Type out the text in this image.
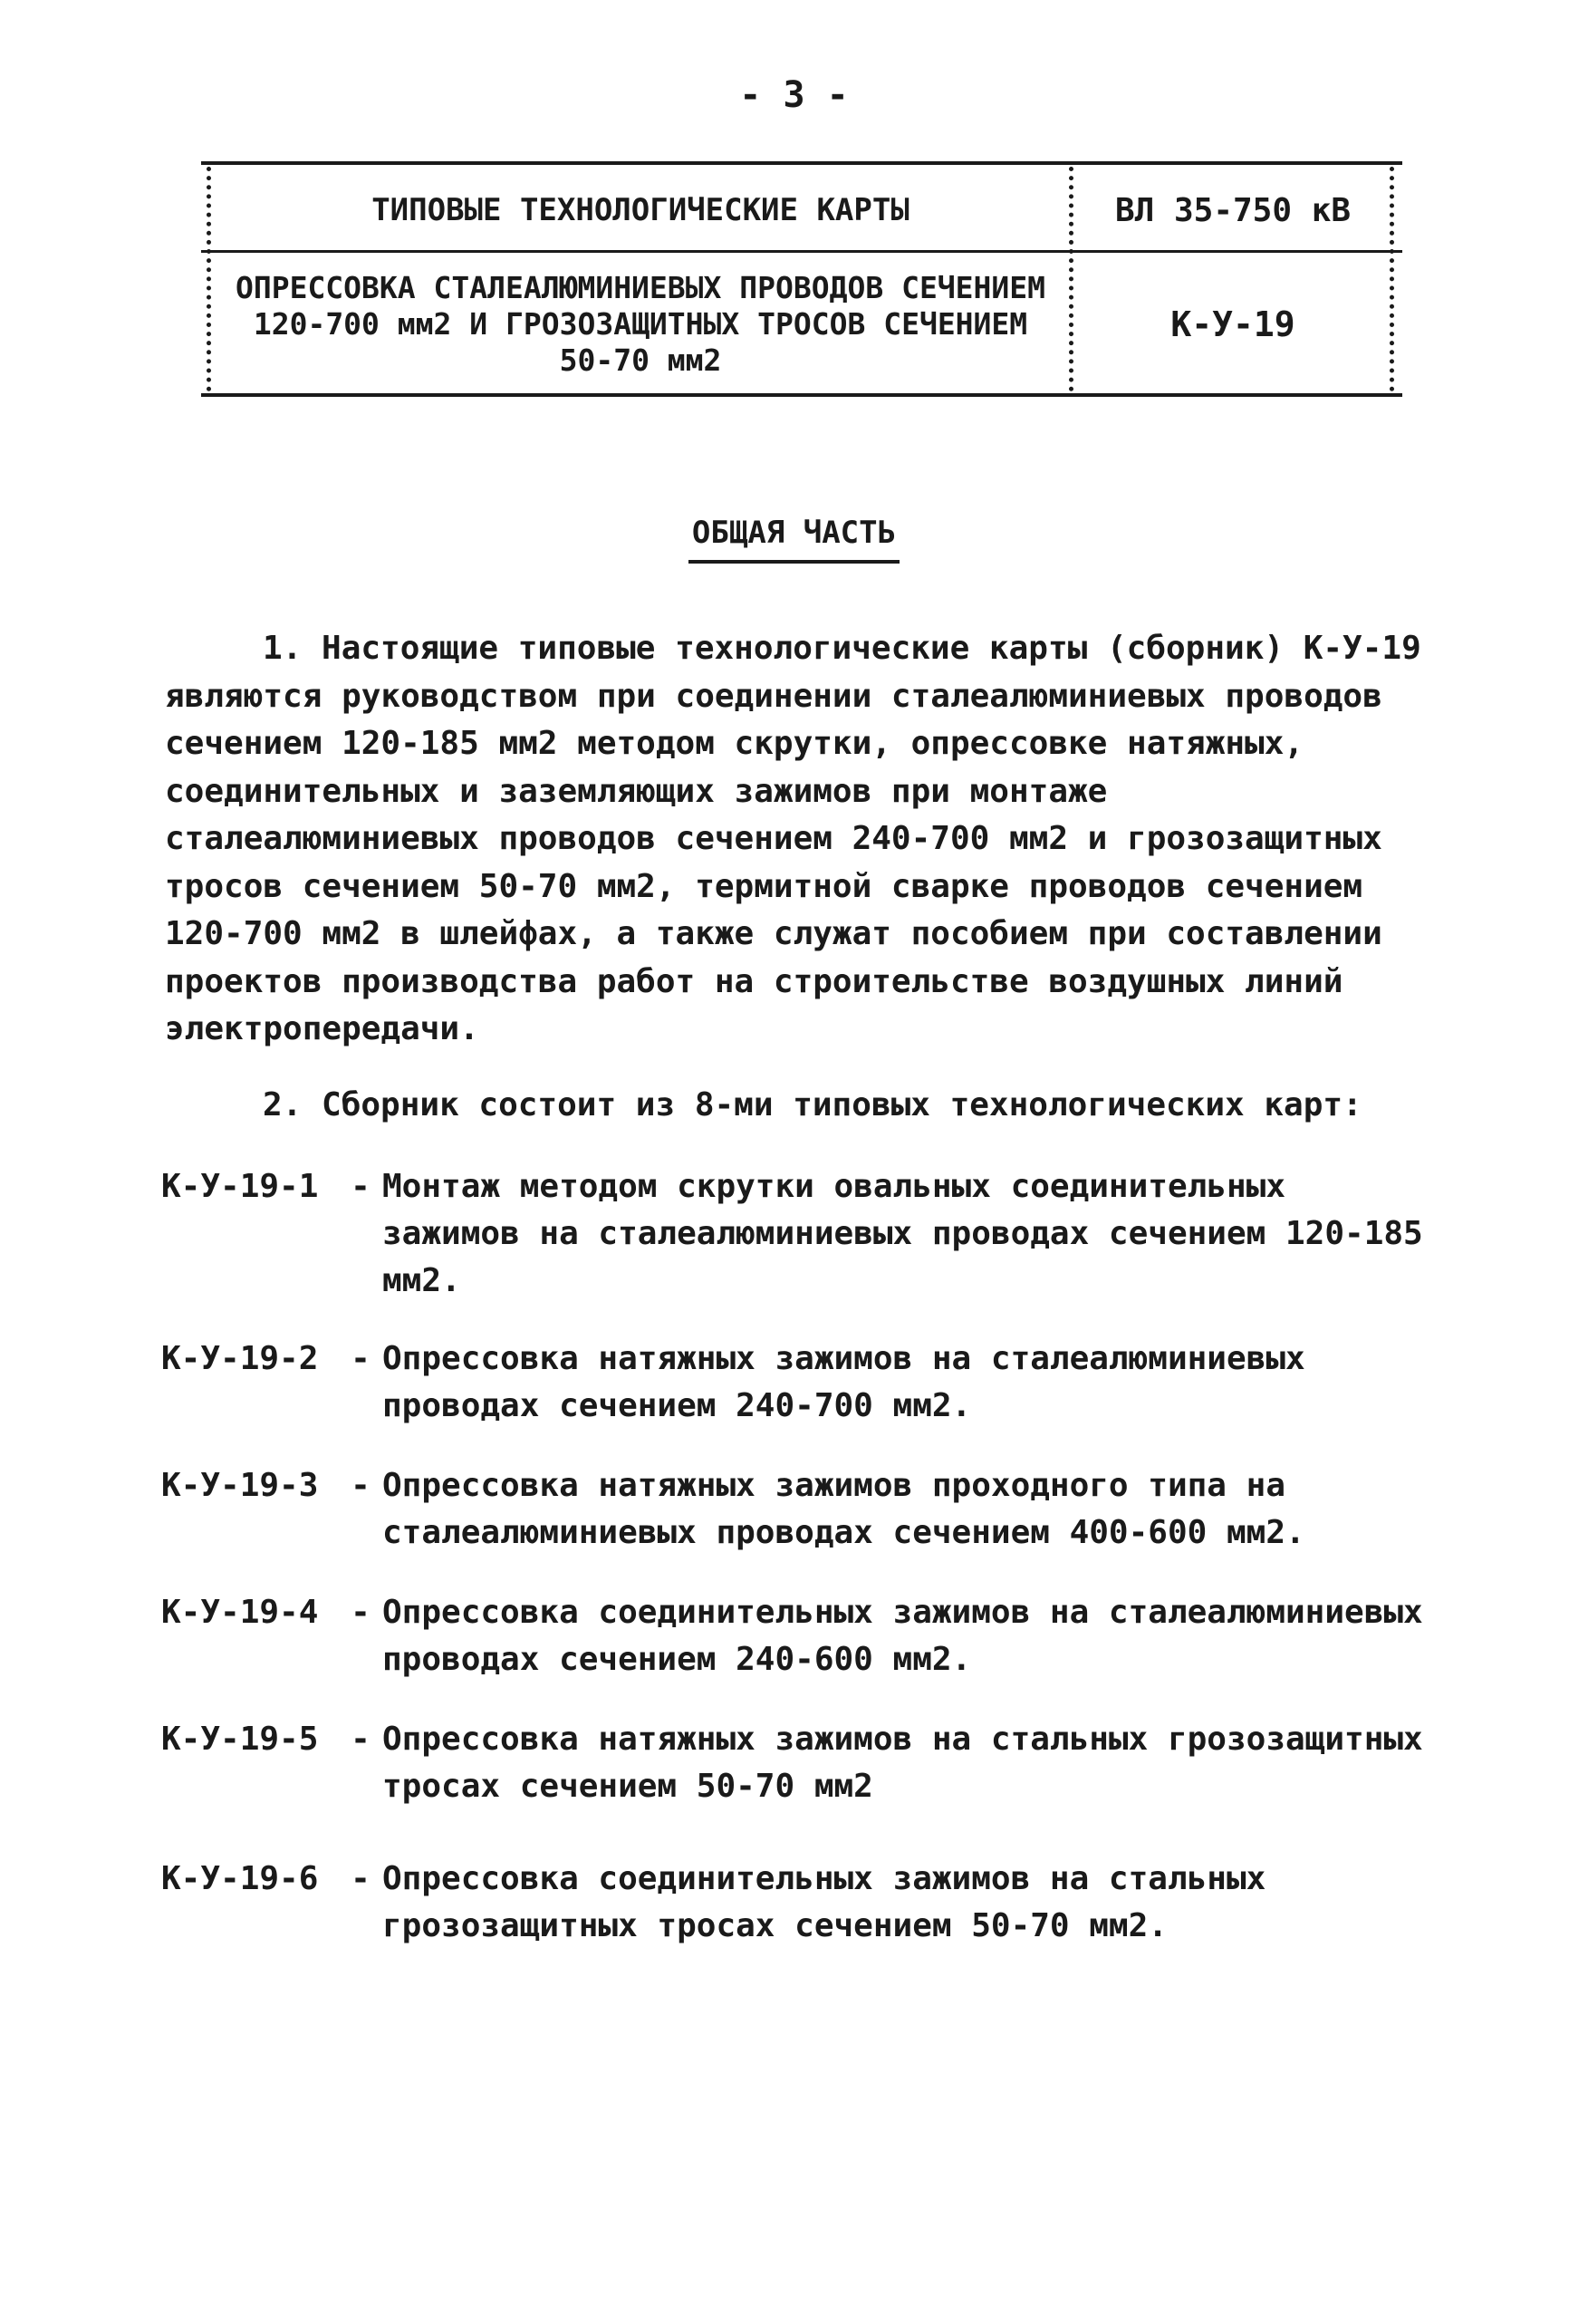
- 3 -
ТИПОВЫЕ ТЕХНОЛОГИЧЕСКИЕ КАРТЫ	ВЛ 35-750 кВ
ОПРЕССОВКА СТАЛЕАЛЮМИНИЕВЫХ ПРОВОДОВ СЕЧЕНИЕМ 120-700 мм2 И ГРОЗОЗАЩИТНЫХ ТРОСОВ СЕЧЕНИЕМ 50-70 мм2
К-У-19
ОБЩАЯ ЧАСТЬ
1. Настоящие типовые технологические карты (сборник) К-У-19 являются руководством при соединении сталеалюминиевых проводов сечением 120-185 мм2 методом скрутки, опрессовке натяжных, соединительных и заземляющих зажимов при монтаже сталеалюминиевых проводов сечением 240-700 мм2 и грозозащитных тросов сечением 50-70 мм2, термитной сварке проводов сечением 120-700 мм2 в шлейфах, а также служат пособием при составлении проектов производства работ на строительстве воздушных линий электропередачи.
2. Сборник состоит из 8-ми типовых технологических карт:
К-У-19-1 - Монтаж методом скрутки овальных соединительных зажимов на сталеалюминиевых проводах сечением 120-185 мм2.
К-У-19-2 - Опрессовка натяжных зажимов на сталеалюминиевых проводах сечением 240-700 мм2.
К-У-19-3 - Опрессовка натяжных зажимов проходного типа на сталеалюминиевых проводах сечением 400-600 мм2.
К-У-19-4 - Опрессовка соединительных зажимов на сталеалюминиевых проводах сечением 240-600 мм2.
К-У-19-5 - Опрессовка натяжных зажимов на стальных грозозащитных тросах сечением 50-70 мм2
К-У-19-6 - Опрессовка соединительных зажимов на стальных грозозащитных тросах сечением 50-70 мм2.
